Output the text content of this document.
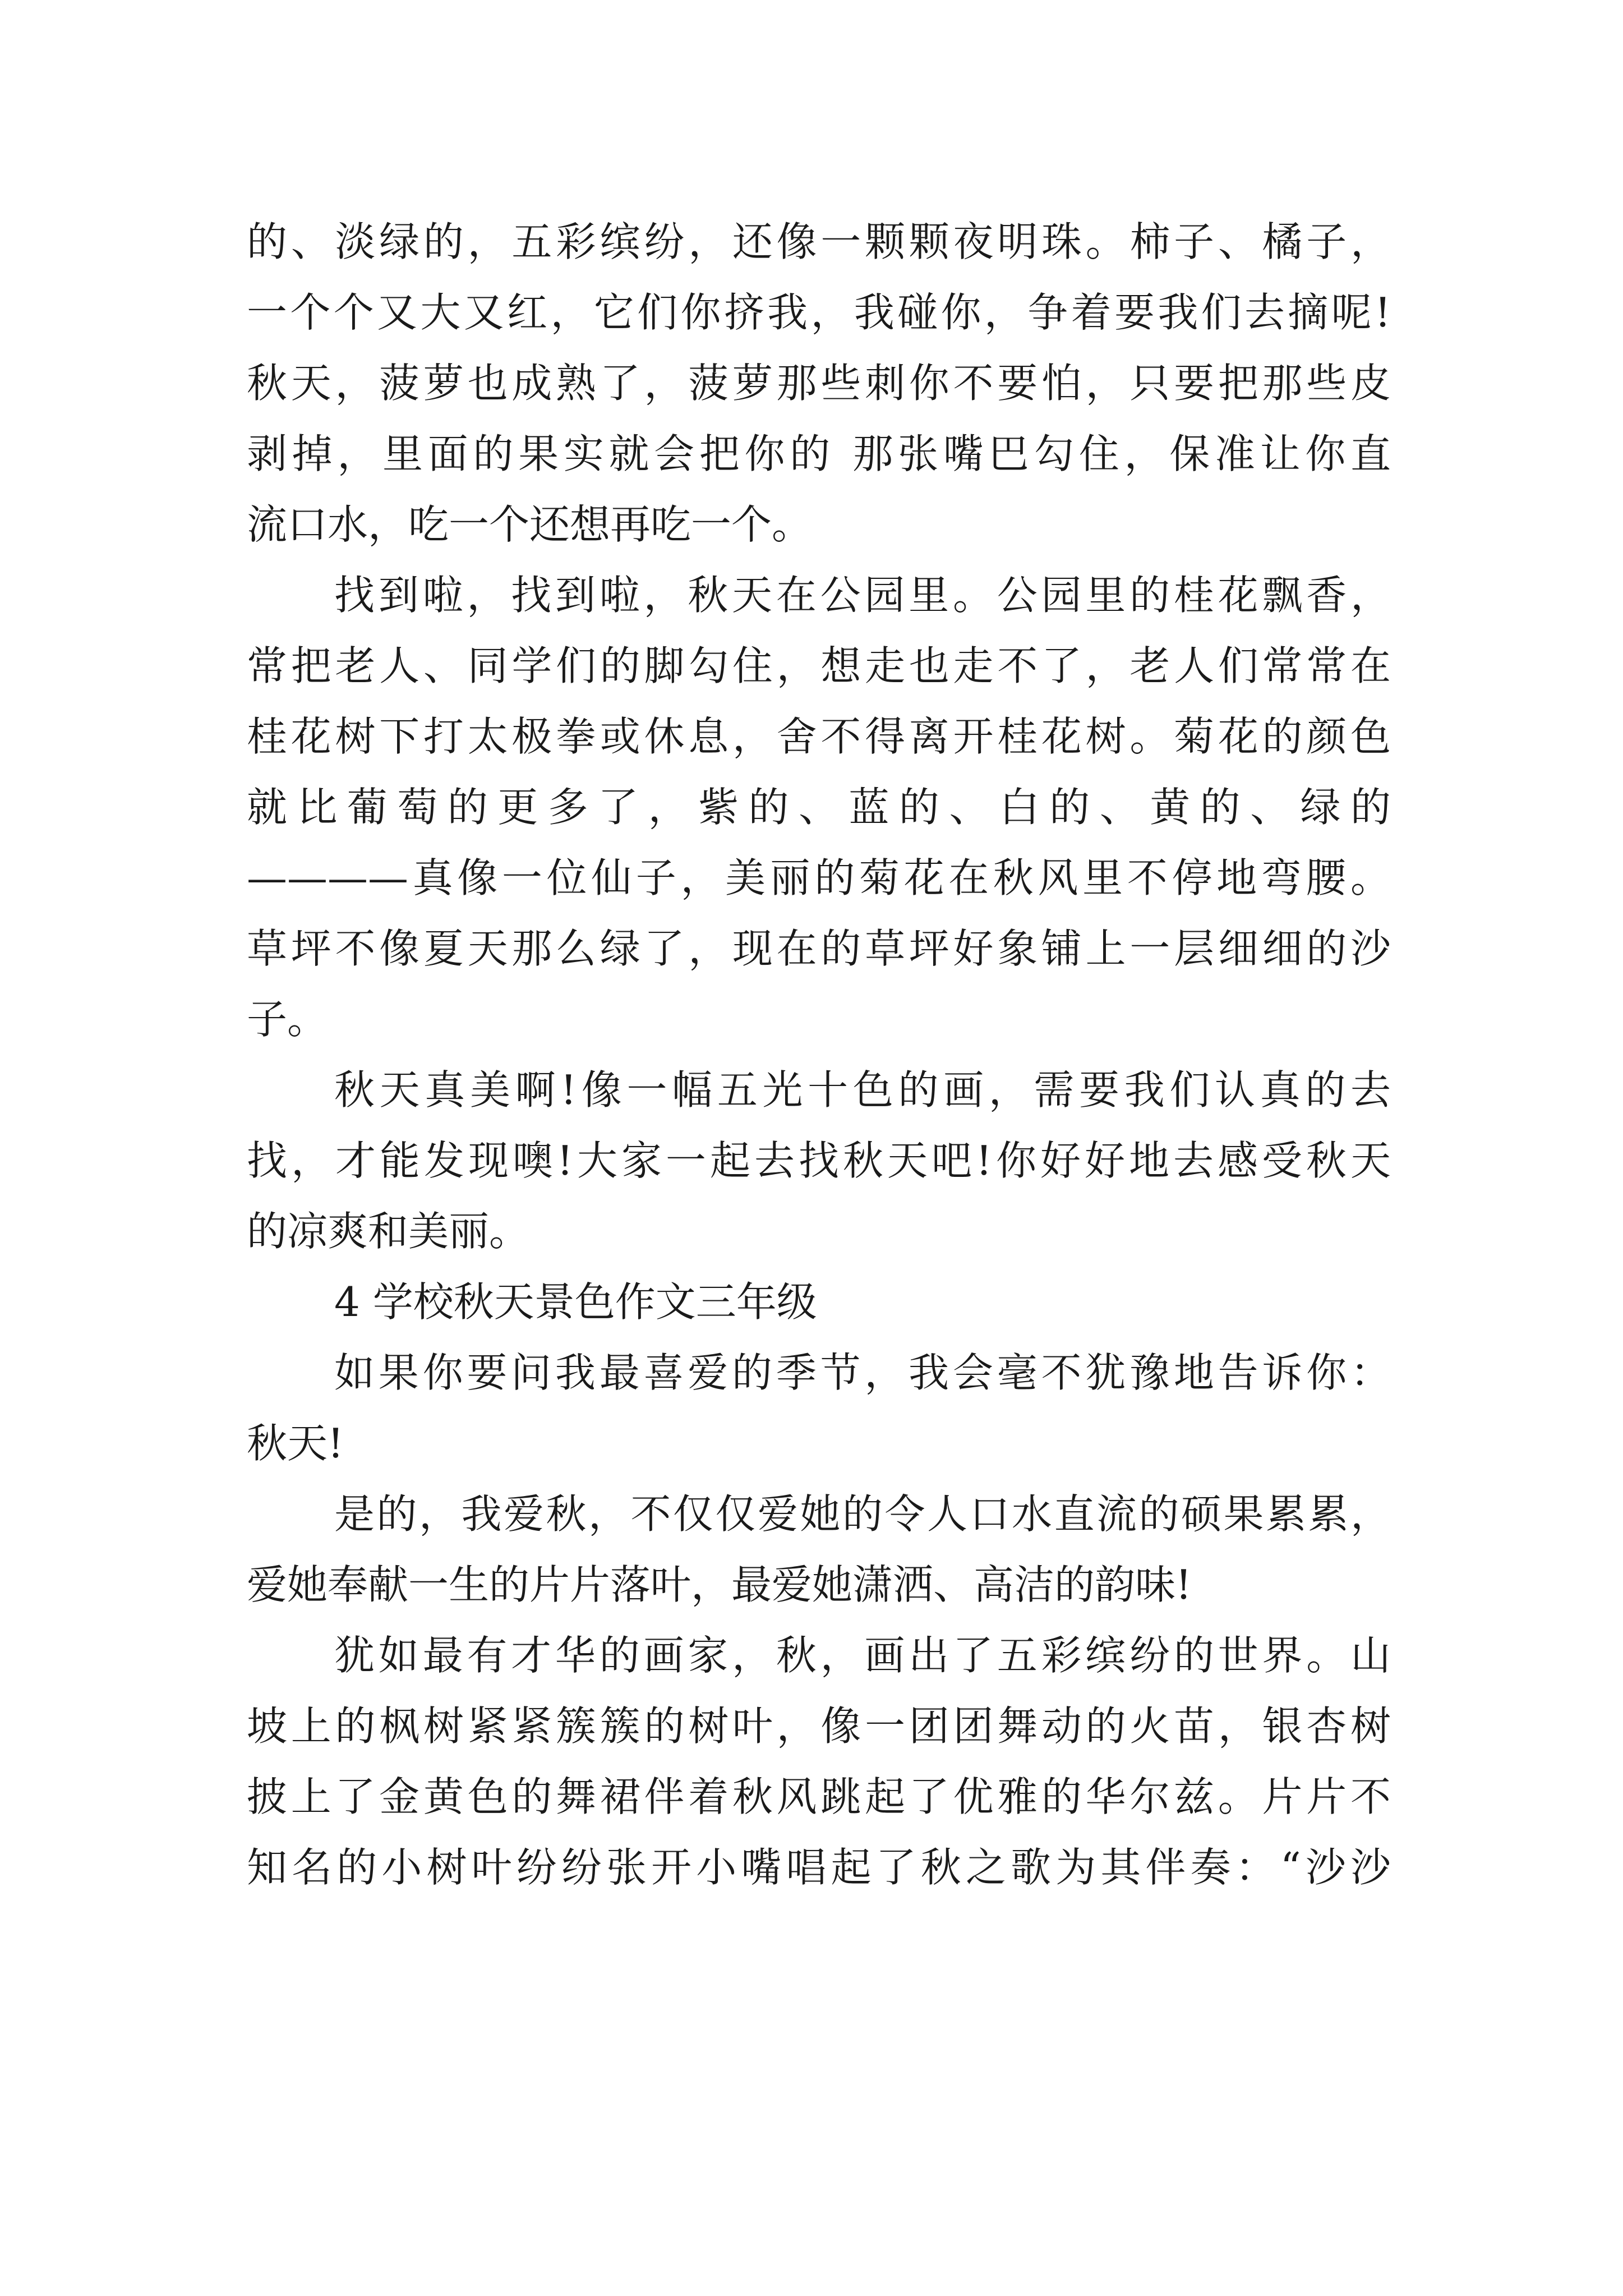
的、淡绿的，五彩缤纷，还像一颗颗夜明珠。柿子、橘子，

一个个又大又红，它们你挤我，我碰你，争着要我们去摘呢!

秋天，菠萝也成熟了，菠萝那些刺你不要怕，只要把那些皮

剥掉，里面的果实就会把你的 那张嘴巴勾住，保准让你直

流口水，吃一个还想再吃一个。

找到啦，找到啦，秋天在公园里。公园里的桂花飘香，

常把老人、同学们的脚勾住，想走也走不了，老人们常常在

桂花树下打太极拳或休息，舍不得离开桂花树。菊花的颜色

就比葡萄的更多了，紫的、蓝的、白的、黄的、绿的

————真像一位仙子，美丽的菊花在秋风里不停地弯腰。

草坪不像夏天那么绿了，现在的草坪好象铺上一层细细的沙

子。

秋天真美啊!像一幅五光十色的画，需要我们认真的去

找，才能发现噢!大家一起去找秋天吧!你好好地去感受秋天

的凉爽和美丽。

4 学校秋天景色作文三年级

如果你要问我最喜爱的季节，我会毫不犹豫地告诉你：

秋天!

是的，我爱秋，不仅仅爱她的令人口水直流的硕果累累，

爱她奉献一生的片片落叶，最爱她潇洒、高洁的韵味!

犹如最有才华的画家，秋，画出了五彩缤纷的世界。山

坡上的枫树紧紧簇簇的树叶，像一团团舞动的火苗，银杏树

披上了金黄色的舞裙伴着秋风跳起了优雅的华尔兹。片片不

知名的小树叶纷纷张开小嘴唱起了秋之歌为其伴奏：“沙沙
